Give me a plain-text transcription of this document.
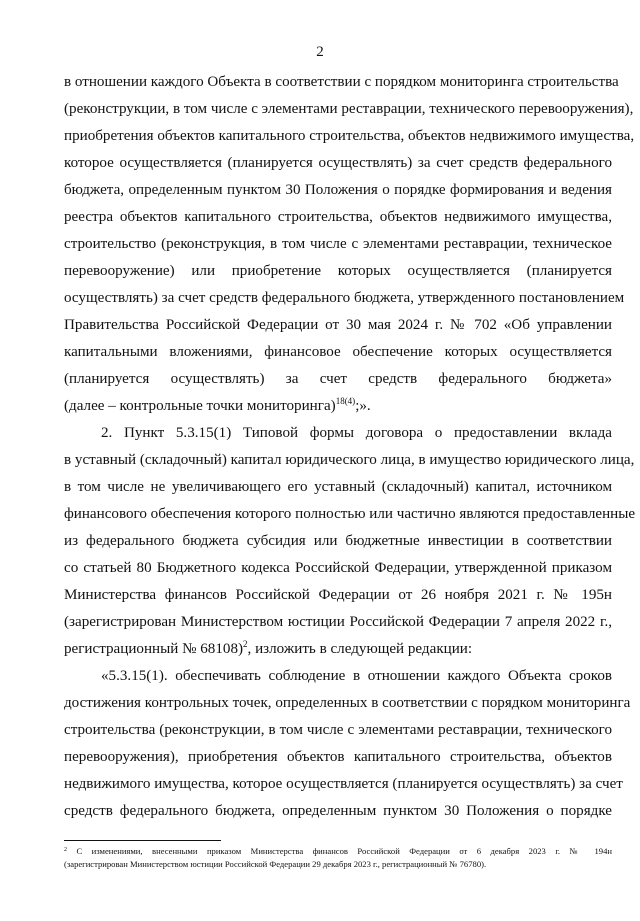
2
в отношении каждого Объекта в соответствии с порядком мониторинга строительства
(реконструкции, в том числе с элементами реставрации, технического перевооружения),
приобретения объектов капитального строительства, объектов недвижимого имущества,
которое осуществляется (планируется осуществлять) за счет средств федерального
бюджета, определенным пунктом 30 Положения о порядке формирования и ведения
реестра объектов капитального строительства, объектов недвижимого имущества,
строительство (реконструкция, в том числе с элементами реставрации, техническое
перевооружение) или приобретение которых осуществляется (планируется
осуществлять) за счет средств федерального бюджета, утвержденного постановлением
Правительства Российской Федерации от 30 мая 2024 г. № 702 «Об управлении
капитальными вложениями, финансовое обеспечение которых осуществляется
(планируется осуществлять) за счет средств федерального бюджета»
(далее – контрольные точки мониторинга)$^{18(4)}$;».
2. Пункт 5.3.15(1) Типовой формы договора о предоставлении вклада
в уставный (складочный) капитал юридического лица, в имущество юридического лица,
в том числе не увеличивающего его уставный (складочный) капитал, источником
финансового обеспечения которого полностью или частично являются предоставленные
из федерального бюджета субсидия или бюджетные инвестиции в соответствии
со статьей 80 Бюджетного кодекса Российской Федерации, утвержденной приказом
Министерства финансов Российской Федерации от 26 ноября 2021 г. № 195н
(зарегистрирован Министерством юстиции Российской Федерации 7 апреля 2022 г.,
регистрационный № 68108)$^2$, изложить в следующей редакции:
«5.3.15(1). обеспечивать соблюдение в отношении каждого Объекта сроков
достижения контрольных точек, определенных в соответствии с порядком мониторинга
строительства (реконструкции, в том числе с элементами реставрации, технического
перевооружения), приобретения объектов капитального строительства, объектов
недвижимого имущества, которое осуществляется (планируется осуществлять) за счет
средств федерального бюджета, определенным пунктом 30 Положения о порядке
$^2$ С изменениями, внесенными приказом Министерства финансов Российской Федерации от 6 декабря 2023 г. № 194н
(зарегистрирован Министерством юстиции Российской Федерации 29 декабря 2023 г., регистрационный № 76780).
